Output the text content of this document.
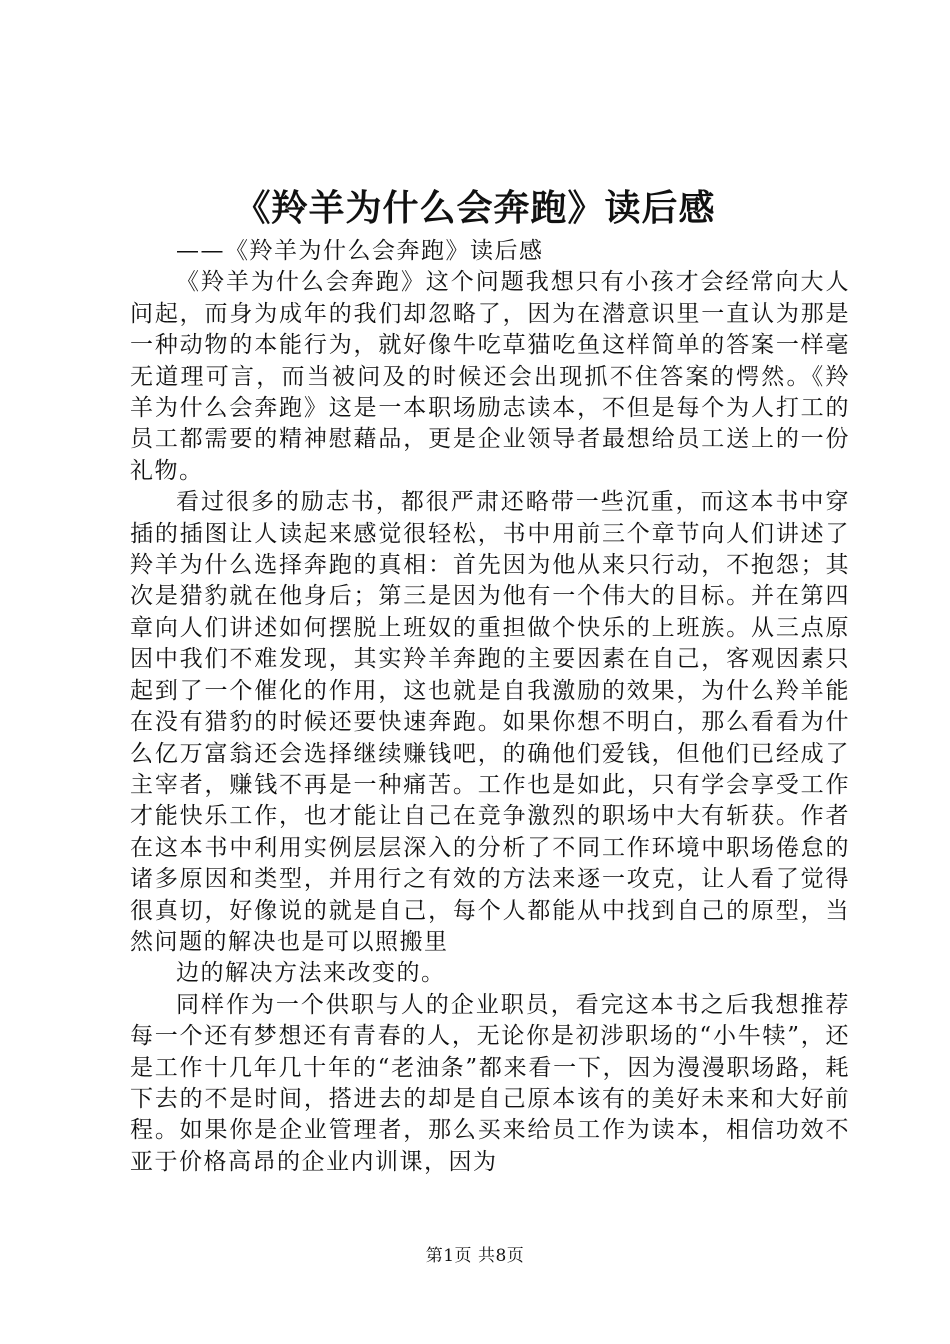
《羚羊为什么会奔跑》读后感

——《羚羊为什么会奔跑》读后感

《羚羊为什么会奔跑》这个问题我想只有小孩才会经常向大人问起，而身为成年的我们却忽略了，因为在潜意识里一直认为那是一种动物的本能行为，就好像牛吃草猫吃鱼这样简单的答案一样毫无道理可言，而当被问及的时候还会出现抓不住答案的愕然。《羚羊为什么会奔跑》这是一本职场励志读本，不但是每个为人打工的员工都需要的精神慰藉品，更是企业领导者最想给员工送上的一份礼物。

看过很多的励志书，都很严肃还略带一些沉重，而这本书中穿插的插图让人读起来感觉很轻松，书中用前三个章节向人们讲述了羚羊为什么选择奔跑的真相：首先因为他从来只行动，不抱怨；其次是猎豹就在他身后；第三是因为他有一个伟大的目标。并在第四章向人们讲述如何摆脱上班奴的重担做个快乐的上班族。从三点原因中我们不难发现，其实羚羊奔跑的主要因素在自己，客观因素只起到了一个催化的作用，这也就是自我激励的效果，为什么羚羊能在没有猎豹的时候还要快速奔跑。如果你想不明白，那么看看为什么亿万富翁还会选择继续赚钱吧，的确他们爱钱，但他们已经成了主宰者，赚钱不再是一种痛苦。工作也是如此，只有学会享受工作才能快乐工作，也才能让自己在竞争激烈的职场中大有斩获。作者在这本书中利用实例层层深入的分析了不同工作环境中职场倦怠的诸多原因和类型，并用行之有效的方法来逐一攻克，让人看了觉得很真切，好像说的就是自己，每个人都能从中找到自己的原型，当然问题的解决也是可以照搬里

边的解决方法来改变的。

同样作为一个供职与人的企业职员，看完这本书之后我想推荐每一个还有梦想还有青春的人，无论你是初涉职场的“小牛犊”，还是工作十几年几十年的“老油条”都来看一下，因为漫漫职场路，耗下去的不是时间，搭进去的却是自己原本该有的美好未来和大好前程。如果你是企业管理者，那么买来给员工作为读本，相信功效不亚于价格高昂的企业内训课，因为

第1页 共8页
